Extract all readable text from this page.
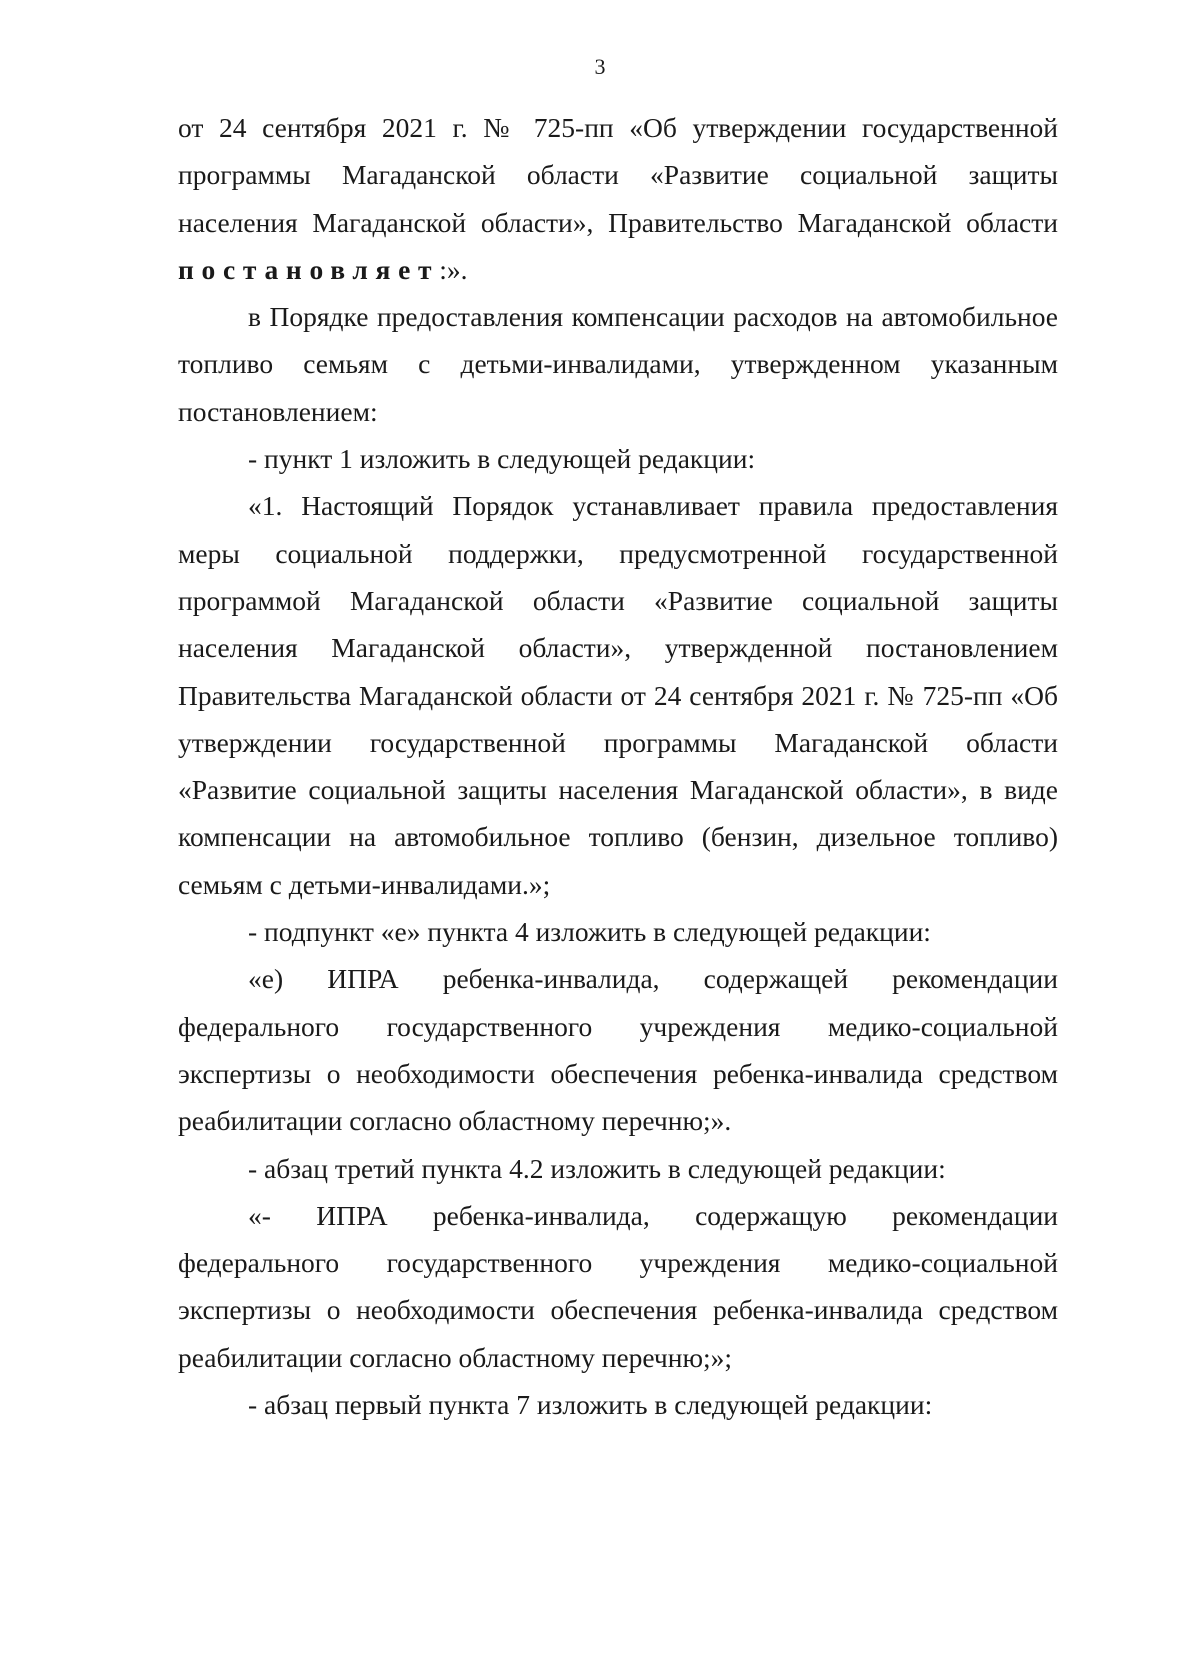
3

от 24 сентября 2021 г. № 725-пп «Об утверждении государственной программы Магаданской области «Развитие социальной защиты населения Магаданской области», Правительство Магаданской области постановляет:».

в Порядке предоставления компенсации расходов на автомобильное топливо семьям с детьми-инвалидами, утвержденном указанным постановлением:

- пункт 1 изложить в следующей редакции:

«1. Настоящий Порядок устанавливает правила предоставления меры социальной поддержки, предусмотренной государственной программой Магаданской области «Развитие социальной защиты населения Магаданской области», утвержденной постановлением Правительства Магаданской области от 24 сентября 2021 г. № 725-пп «Об утверждении государственной программы Магаданской области «Развитие социальной защиты населения Магаданской области», в виде компенсации на автомобильное топливо (бензин, дизельное топливо) семьям с детьми-инвалидами.»;

- подпункт «е» пункта 4 изложить в следующей редакции:

«е) ИПРА ребенка-инвалида, содержащей рекомендации федерального государственного учреждения медико-социальной экспертизы о необходимости обеспечения ребенка-инвалида средством реабилитации согласно областному перечню;».

- абзац третий пункта 4.2 изложить в следующей редакции:

«- ИПРА ребенка-инвалида, содержащую рекомендации федерального государственного учреждения медико-социальной экспертизы о необходимости обеспечения ребенка-инвалида средством реабилитации согласно областному перечню;»;

- абзац первый пункта 7 изложить в следующей редакции:
